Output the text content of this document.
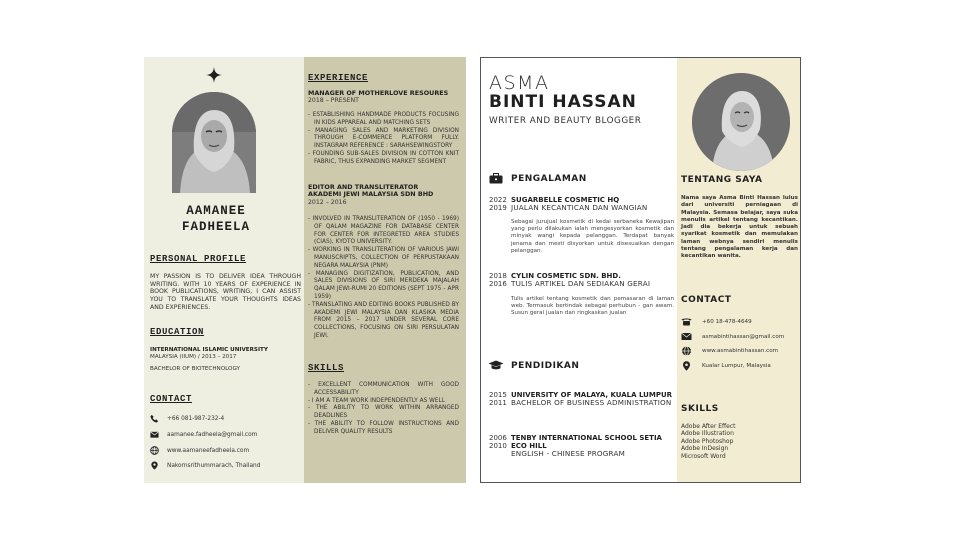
AAMANEE
FADHEELA
PERSONAL PROFILE
MY PASSION IS TO DELIVER IDEA THROUGH WRITING. WITH 10 YEARS OF EXPERIENCE IN BOOK PUBLICATIONS, WRITING, I CAN ASSIST YOU TO TRANSLATE YOUR THOUGHTS IDEAS AND EXPERIENCES.
EDUCATION
INTERNATIONAL ISLAMIC UNIVERSITY
MALAYSIA (IIUM) / 2013 – 2017
BACHELOR OF BIOTECHNOLOGY
CONTACT
+66 081-987-232-4
aamanee.fadheela@gmail.com
www.aamaneefadheela.com
Nakornsrithummarach, Thailand
EXPERIENCE
MANAGER OF MOTHERLOVE RESOURES
2018 – PRESENT
- ESTABLISHING HANDMADE PRODUCTS FOCUSING IN KIDS APPAREAL AND MATCHING SETS
- MANAGING SALES AND MARKETING DIVISION THROUGH E-COMMERCE PLATFORM FULLY. INSTAGRAM REFERENCE : SARAHSEWINGSTORY
- FOUNDING SUB-SALES DIVISION IN COTTON KNIT FABRIC, THUS EXPANDING MARKET SEGMENT
EDITOR AND TRANSLITERATOR
AKADEMI JEWI MALAYSIA SDN BHD
2012 – 2016
- INVOLVED IN TRANSLITERATION OF (1950 - 1969) OF QALAM MAGAZINE FOR DATABASE CENTER FOR CENTER FOR INTEGRETED AREA STUDIES (CIAS), KYOTO UNIVERSITY.
- WORKING IN TRANSLITERATION OF VARIOUS JAWI MANUSCRIPTS, COLLECTION OF PERPUSTAKAAN NEGARA MALAYSIA (PNM)
- MANAGING DIGITIZATION, PUBLICATION, AND SALES DIVISIONS OF SIRI MERDEKA MAJALAH QALAM JEWI-RUMI 20 EDITIONS (SEPT 1975 - APR 1959)
- TRANSLATING AND EDITING BOOKS PUBLISHED BY AKADEMI JEWI MALAYSIA DAN KLASIKA MEDIA FROM 2015 – 2017 UNDER SEVERAL CORE COLLECTIONS, FOCUSING ON SIRI PERSULATAN JEWI.
SKILLS
- EXCELLENT COMMUNICATION WITH GOOD ACCESSABILITY
- I AM A TEAM WORK INDEPENDENTLY AS WELL
- THE ABILITY TO WORK WITHIN ARRANGED DEADLINES
- THE ABILITY TO FOLLOW INSTRUCTIONS AND DELIVER QUALITY RESULTS
ASMA
BINTI HASSAN
WRITER AND BEAUTY BLOGGER
PENGALAMAN
2022
2019
SUGARBELLE COSMETIC HQ
JUALAN KECANTICAN DAN WANGIAN
Sebagai jurujual kosmetik di kedai serbaneka Kewajipan yang perlu dilakukan ialah mengesyorkan kosmetik dan minyak wangi kepada pelanggan. Terdapat banyak jenama dan mesti disyorkan untuk disesuaikan dengan pelanggan.
2018
2016
CYLIN COSMETIC SDN. BHD.
TULIS ARTIKEL DAN SEDIAKAN GERAI
Tulis artikel tentang kosmetik dan pemasaran di laman web. Termasuk bertindak sebagai perhubun - gan awam. Susun gerai jualan dan ringkaskan jualan
PENDIDIKAN
2015
2011
UNIVERSITY OF MALAYA, KUALA LUMPUR
BACHELOR OF BUSINESS ADMINISTRATION
2006
2010
TENBY INTERNATIONAL SCHOOL SETIA
ECO HILL
ENGLISH - CHINESE PROGRAM
TENTANG SAYA
Nama saya Asma Binti Hassan lulus dari universiti perniagaan di Malaysia. Semasa belajar, saya suka menulis artikel tentang kecantikan. Jadi dia bekerja untuk sebuah syarikat kosmetik dan memulakan laman webnya sendiri menulis tentang pengalaman kerja dan kecantikan wanita.
CONTACT
+60 18-478-4649
asmabintihassan@gmail.com
www.asmabintihassan.com
Kualar Lumpur, Malaysia
SKILLS
Adobe After Effect
Adobe Illustration
Adobe Photoshop
Adobe InDesign
Microsoft Word
